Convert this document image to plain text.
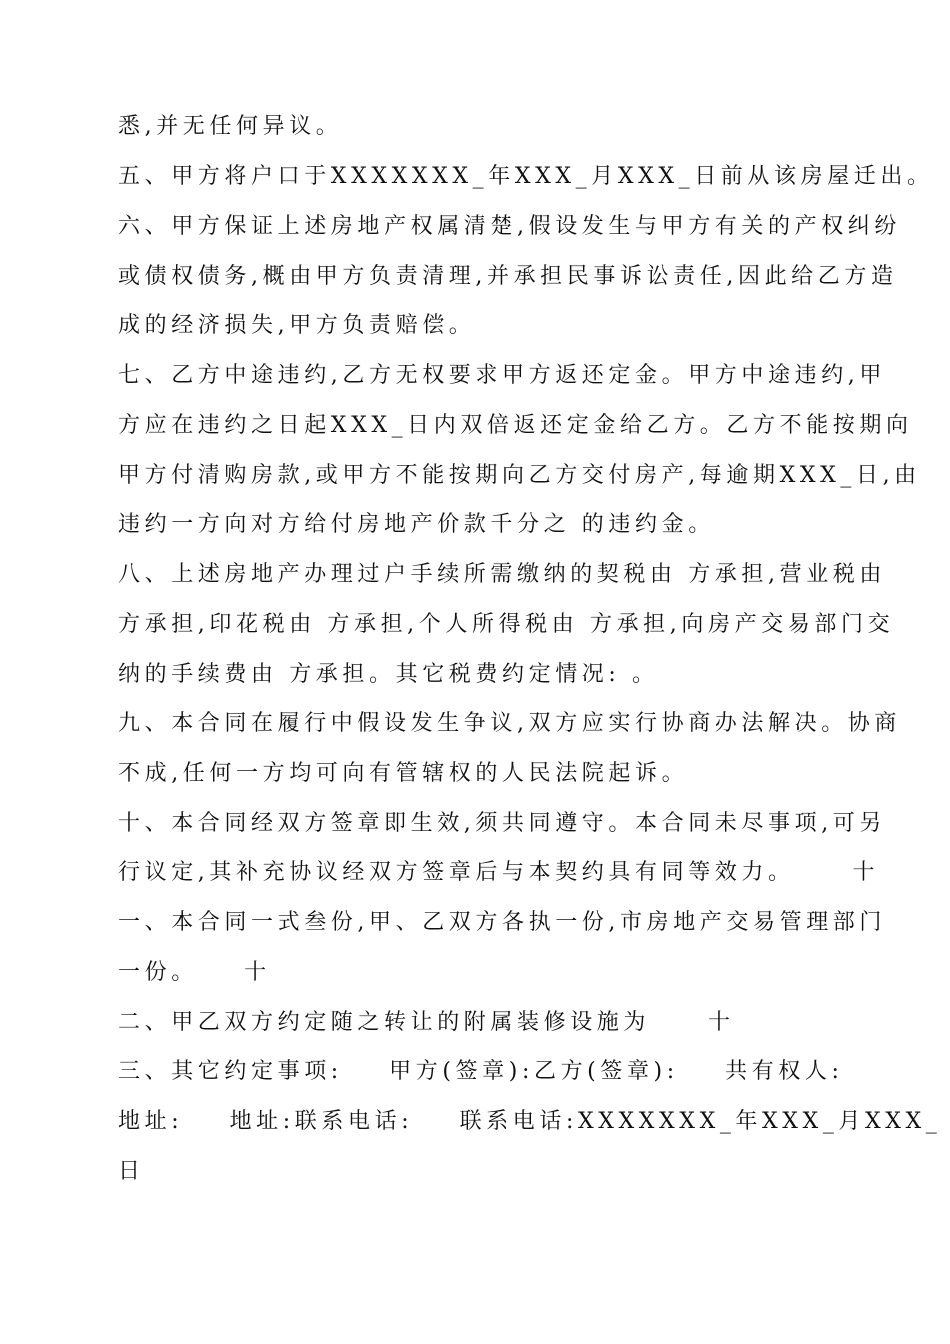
悉,并无任何异议。
五、甲方将户口于XXXXXXX_年XXX_月XXX_日前从该房屋迁出。
六、甲方保证上述房地产权属清楚,假设发生与甲方有关的产权纠纷
或债权债务,概由甲方负责清理,并承担民事诉讼责任,因此给乙方造
成的经济损失,甲方负责赔偿。
七、乙方中途违约,乙方无权要求甲方返还定金。甲方中途违约,甲
方应在违约之日起XXX_日内双倍返还定金给乙方。乙方不能按期向
甲方付清购房款,或甲方不能按期向乙方交付房产,每逾期XXX_日,由
违约一方向对方给付房地产价款千分之 的违约金。
八、上述房地产办理过户手续所需缴纳的契税由 方承担,营业税由
方承担,印花税由 方承担,个人所得税由 方承担,向房产交易部门交
纳的手续费由 方承担。其它税费约定情况: 。
九、本合同在履行中假设发生争议,双方应实行协商办法解决。协商
不成,任何一方均可向有管辖权的人民法院起诉。
十、本合同经双方签章即生效,须共同遵守。本合同未尽事项,可另
行议定,其补充协议经双方签章后与本契约具有同等效力。     十
一、本合同一式叁份,甲、乙双方各执一份,市房地产交易管理部门
一份。    十
二、甲乙双方约定随之转让的附属装修设施为     十
三、其它约定事项:    甲方(签章):乙方(签章):    共有权人:
地址:    地址:联系电话:    联系电话:XXXXXXX_年XXX_月XXX_
日
